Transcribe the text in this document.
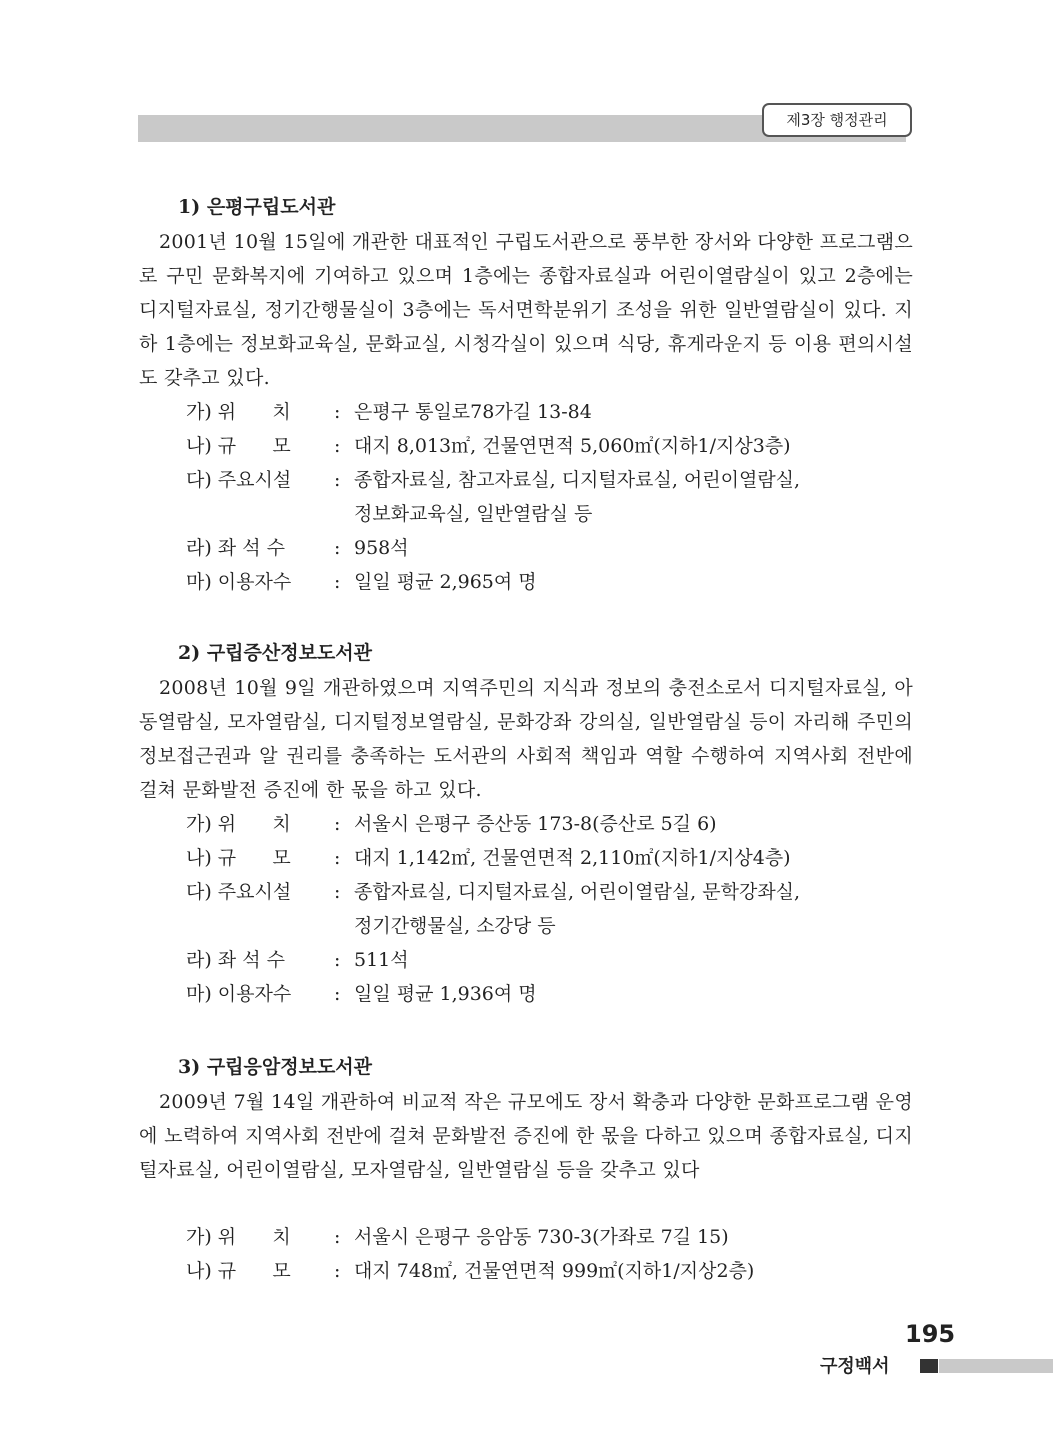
제3장 행정관리
1) 은평구립도서관

2001년 10월 15일에 개관한 대표적인 구립도서관으로 풍부한 장서와 다양한 프로그램으로 구민 문화복지에 기여하고 있으며 1층에는 종합자료실과 어린이열람실이 있고 2층에는 디지털자료실, 정기간행물실이 3층에는 독서면학분위기 조성을 위한 일반열람실이 있다. 지하 1층에는 정보화교육실, 문화교실, 시청각실이 있으며 식당, 휴게라운지 등 이용 편의시설도 갖추고 있다.

가) 위      치	: 은평구 통일로78가길 13-84
나) 규      모	: 대지 8,013㎡, 건물연면적 5,060㎡(지하1/지상3층)
다) 주요시설	: 종합자료실, 참고자료실, 디지털자료실, 어린이열람실,
정보화교육실, 일반열람실 등
라) 좌 석 수	: 958석
마) 이용자수	: 일일 평균 2,965여 명
2) 구립증산정보도서관

2008년 10월 9일 개관하였으며 지역주민의 지식과 정보의 충전소로서 디지털자료실, 아동열람실, 모자열람실, 디지털정보열람실, 문화강좌 강의실, 일반열람실 등이 자리해 주민의 정보접근권과 알 권리를 충족하는 도서관의 사회적 책임과 역할 수행하여 지역사회 전반에 걸쳐 문화발전 증진에 한 몫을 하고 있다.

가) 위      치	: 서울시 은평구 증산동 173-8(증산로 5길 6)
나) 규      모	: 대지 1,142㎡, 건물연면적 2,110㎡(지하1/지상4층)
다) 주요시설	: 종합자료실, 디지털자료실, 어린이열람실, 문학강좌실,
정기간행물실, 소강당 등
라) 좌 석 수	: 511석
마) 이용자수	: 일일 평균 1,936여 명
3) 구립응암정보도서관

2009년 7월 14일 개관하여 비교적 작은 규모에도 장서 확충과 다양한 문화프로그램 운영에 노력하여 지역사회 전반에 걸쳐 문화발전 증진에 한 몫을 다하고 있으며 종합자료실, 디지털자료실, 어린이열람실, 모자열람실, 일반열람실 등을 갖추고 있다

가) 위      치	: 서울시 은평구 응암동 730-3(가좌로 7길 15)
나) 규      모	: 대지 748㎡, 건물연면적 999㎡(지하1/지상2층)
195
구정백서
